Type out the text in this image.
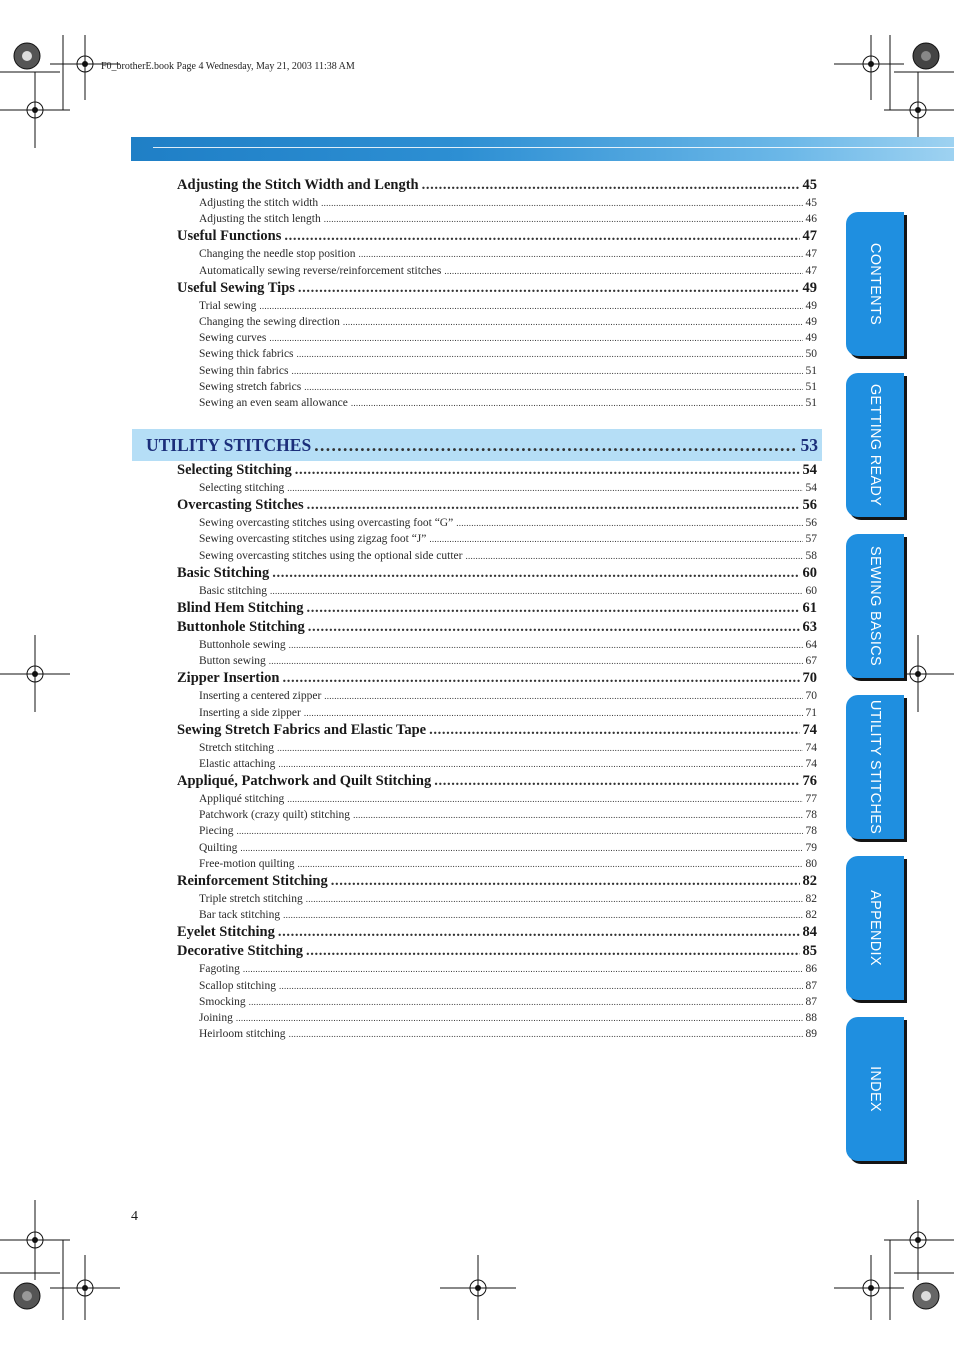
F0_brotherE.book Page 4 Wednesday, May 21, 2003 11:38 AM
Adjusting the Stitch Width and Length . . .	45
Adjusting the stitch width . . .	45
Adjusting the stitch length . . .	46
Useful Functions . . .	47
Changing the needle stop position . . .	47
Automatically sewing reverse/reinforcement stitches . . .	47
Useful Sewing Tips . . .	49
Trial sewing . . .	49
Changing the sewing direction . . .	49
Sewing curves . . .	49
Sewing thick fabrics . . .	50
Sewing thin fabrics . . .	51
Sewing stretch fabrics . . .	51
Sewing an even seam allowance . . .	51
UTILITY STITCHES . . .	53
Selecting Stitching . . .	54
Selecting stitching . . .	54
Overcasting Stitches . . .	56
Sewing overcasting stitches using overcasting foot “G” . . .	56
Sewing overcasting stitches using zigzag foot “J” . . .	57
Sewing overcasting stitches using the optional side cutter . . .	58
Basic Stitching . . .	60
Basic stitching . . .	60
Blind Hem Stitching . . .	61
Buttonhole Stitching . . .	63
Buttonhole sewing . . .	64
Button sewing . . .	67
Zipper Insertion . . .	70
Inserting a centered zipper . . .	70
Inserting a side zipper . . .	71
Sewing Stretch Fabrics and Elastic Tape . . .	74
Stretch stitching . . .	74
Elastic attaching . . .	74
Appliqué, Patchwork and Quilt Stitching . . .	76
Appliqué stitching . . .	77
Patchwork (crazy quilt) stitching . . .	78
Piecing . . .	78
Quilting . . .	79
Free-motion quilting . . .	80
Reinforcement Stitching . . .	82
Triple stretch stitching . . .	82
Bar tack stitching . . .	82
Eyelet Stitching . . .	84
Decorative Stitching . . .	85
Fagoting . . .	86
Scallop stitching . . .	87
Smocking . . .	87
Joining . . .	88
Heirloom stitching . . .	89
CONTENTS
GETTING READY
SEWING BASICS
UTILITY STITCHES
APPENDIX
INDEX
4
